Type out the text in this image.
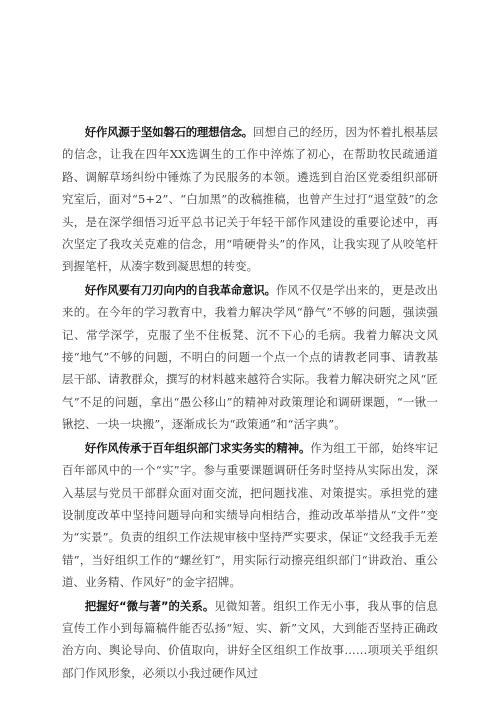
好作风源于坚如磐石的理想信念。回想自己的经历，因为怀着扎根基层的信念，让我在四年XX选调生的工作中淬炼了初心，在帮助牧民疏通道路、调解草场纠纷中锤炼了为民服务的本领。遴选到自治区党委组织部研究室后，面对“5+2”、“白加黑”的改稿推稿，也曾产生过打“退堂鼓”的念头，是在深学细悟习近平总书记关于年轻干部作风建设的重要论述中，再次坚定了我攻关克难的信念，用“啃硬骨头”的作风，让我实现了从咬笔杆到握笔杆，从凑字数到凝思想的转变。

好作风要有刀刃向内的自我革命意识。作风不仅是学出来的，更是改出来的。在今年的学习教育中，我着力解决学风“静气”不够的问题，强读强记、常学深学，克服了坐不住板凳、沉不下心的毛病。我着力解决文风接“地气”不够的问题，不明白的问题一个点一个点的请教老同事、请教基层干部、请教群众，撰写的材料越来越符合实际。我着力解决研究之风“匠气”不足的问题，拿出“愚公移山”的精神对政策理论和调研课题，“一锹一锹挖、一块一块搬”，逐渐成长为“政策通”和“活字典”。

好作风传承于百年组织部门求实务实的精神。作为组工干部，始终牢记百年部风中的一个“实”字。参与重要课题调研任务时坚持从实际出发，深入基层与党员干部群众面对面交流，把问题找准、对策提实。承担党的建设制度改革中坚持问题导向和实绩导向相结合，推动改革举措从“文件”变为“实景”。负责的组织工作法规审核中坚持严实要求，保证“文经我手无差错”，当好组织工作的“螺丝钉”，用实际行动擦亮组织部门“讲政治、重公道、业务精、作风好”的金字招牌。

把握好“微与著”的关系。见微知著。组织工作无小事，我从事的信息宣传工作小到每篇稿件能否弘扬“短、实、新”文风，大到能否坚持正确政治方向、舆论导向、价值取向，讲好全区组织工作故事……项项关乎组织部门作风形象，必须以小我过硬作风过
